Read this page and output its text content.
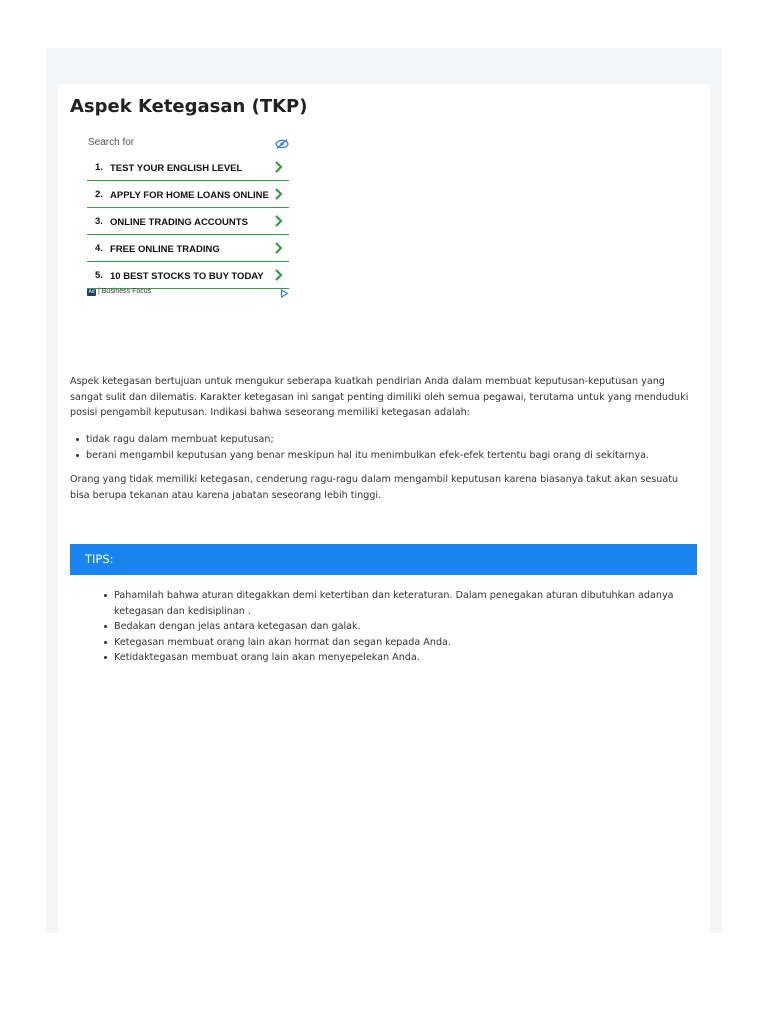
Aspek Ketegasan (TKP)
Search for
1. TEST YOUR ENGLISH LEVEL
2. APPLY FOR HOME LOANS ONLINE
3. ONLINE TRADING ACCOUNTS
4. FREE ONLINE TRADING
5. 10 BEST STOCKS TO BUY TODAY
Ad | Business Focus

Aspek ketegasan bertujuan untuk mengukur seberapa kuatkah pendirian Anda dalam membuat keputusan-keputusan yang sangat sulit dan dilematis. Karakter ketegasan ini sangat penting dimiliki oleh semua pegawai, terutama untuk yang menduduki posisi pengambil keputusan. Indikasi bahwa seseorang memiliki ketegasan adalah:

tidak ragu dalam membuat keputusan;
berani mengambil keputusan yang benar meskipun hal itu menimbulkan efek-efek tertentu bagi orang di sekitarnya.

Orang yang tidak memiliki ketegasan, cenderung ragu-ragu dalam mengambil keputusan karena biasanya takut akan sesuatu bisa berupa tekanan atau karena jabatan seseorang lebih tinggi.

TIPS:
Pahamilah bahwa aturan ditegakkan demi ketertiban dan keteraturan. Dalam penegakan aturan dibutuhkan adanya ketegasan dan kedisiplinan .
Bedakan dengan jelas antara ketegasan dan galak.
Ketegasan membuat orang lain akan hormat dan segan kepada Anda.
Ketidaktegasan membuat orang lain akan menyepelekan Anda.
